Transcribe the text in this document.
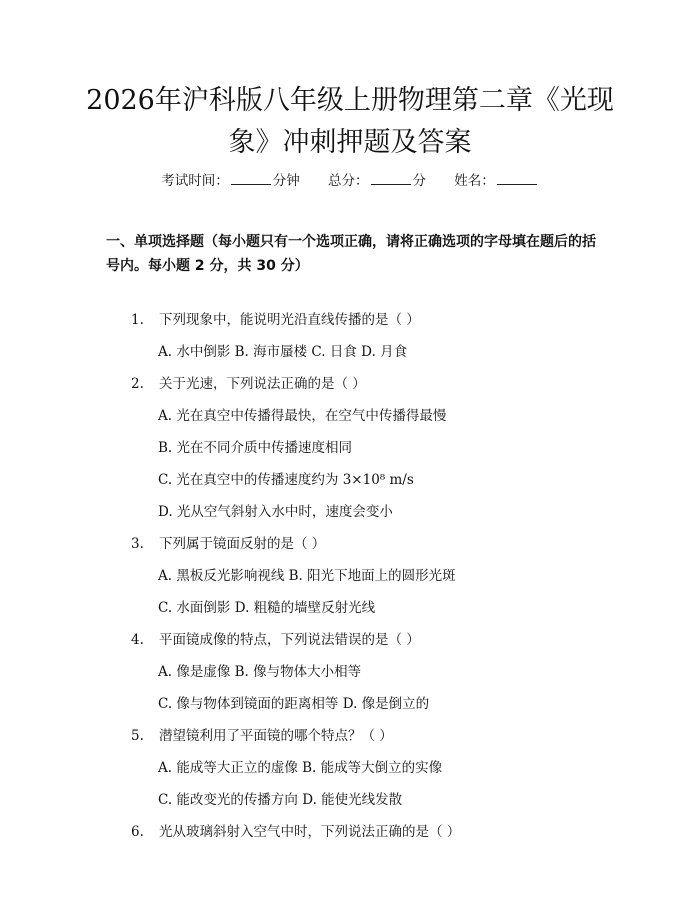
2026年沪科版八年级上册物理第二章《光现象》冲刺押题及答案
考试时间：	分钟 总分：	分 姓名：
一、单项选择题（每小题只有一个选项正确，请将正确选项的字母填在题后的括号内。每小题 2 分，共 30 分）
1. 下列现象中，能说明光沿直线传播的是（ ）
A. 水中倒影 B. 海市蜃楼 C. 日食 D. 月食
2. 关于光速，下列说法正确的是（ ）
A. 光在真空中传播得最快，在空气中传播得最慢
B. 光在不同介质中传播速度相同
C. 光在真空中的传播速度约为 3×10⁸ m/s
D. 光从空气斜射入水中时，速度会变小
3. 下列属于镜面反射的是（ ）
A. 黑板反光影响视线 B. 阳光下地面上的圆形光斑
C. 水面倒影 D. 粗糙的墙壁反射光线
4. 平面镜成像的特点，下列说法错误的是（ ）
A. 像是虚像 B. 像与物体大小相等
C. 像与物体到镜面的距离相等 D. 像是倒立的
5. 潜望镜利用了平面镜的哪个特点？（ ）
A. 能成等大正立的虚像 B. 能成等大倒立的实像
C. 能改变光的传播方向 D. 能使光线发散
6. 光从玻璃斜射入空气中时，下列说法正确的是（ ）
